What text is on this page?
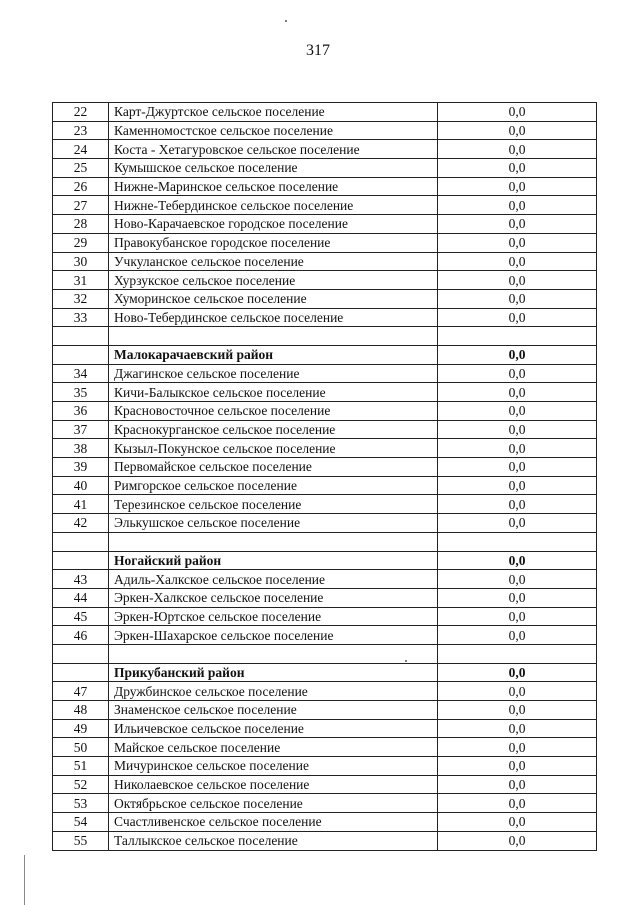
317
22	Карт-Джуртское сельское поселение	0,0
23	Каменномостское сельское поселение	0,0
24	Коста - Хетагуровское сельское поселение	0,0
25	Кумышское сельское поселение	0,0
26	Нижне-Маринское сельское поселение	0,0
27	Нижне-Тебердинское сельское поселение	0,0
28	Ново-Карачаевское городское поселение	0,0
29	Правокубанское городское поселение	0,0
30	Учкуланское сельское поселение	0,0
31	Хурзукское сельское поселение	0,0
32	Хуморинское сельское поселение	0,0
33	Ново-Тебердинское сельское поселение	0,0

	Малокарачаевский район	0,0
34	Джагинское сельское поселение	0,0
35	Кичи-Балыкское сельское поселение	0,0
36	Красновосточное сельское поселение	0,0
37	Краснокурганское сельское поселение	0,0
38	Кызыл-Покунское сельское поселение	0,0
39	Первомайское сельское поселение	0,0
40	Римгорское сельское поселение	0,0
41	Терезинское сельское поселение	0,0
42	Элькушское сельское поселение	0,0

	Ногайский район	0,0
43	Адиль-Халкское сельское поселение	0,0
44	Эркен-Халкское сельское поселение	0,0
45	Эркен-Юртское сельское поселение	0,0
46	Эркен-Шахарское сельское поселение	0,0

	Прикубанский район	0,0
47	Дружбинское сельское поселение	0,0
48	Знаменское сельское поселение	0,0
49	Ильичевское сельское поселение	0,0
50	Майское сельское поселение	0,0
51	Мичуринское сельское поселение	0,0
52	Николаевское сельское поселение	0,0
53	Октябрьское сельское поселение	0,0
54	Счастливенское сельское поселение	0,0
55	Таллыкское сельское поселение	0,0
